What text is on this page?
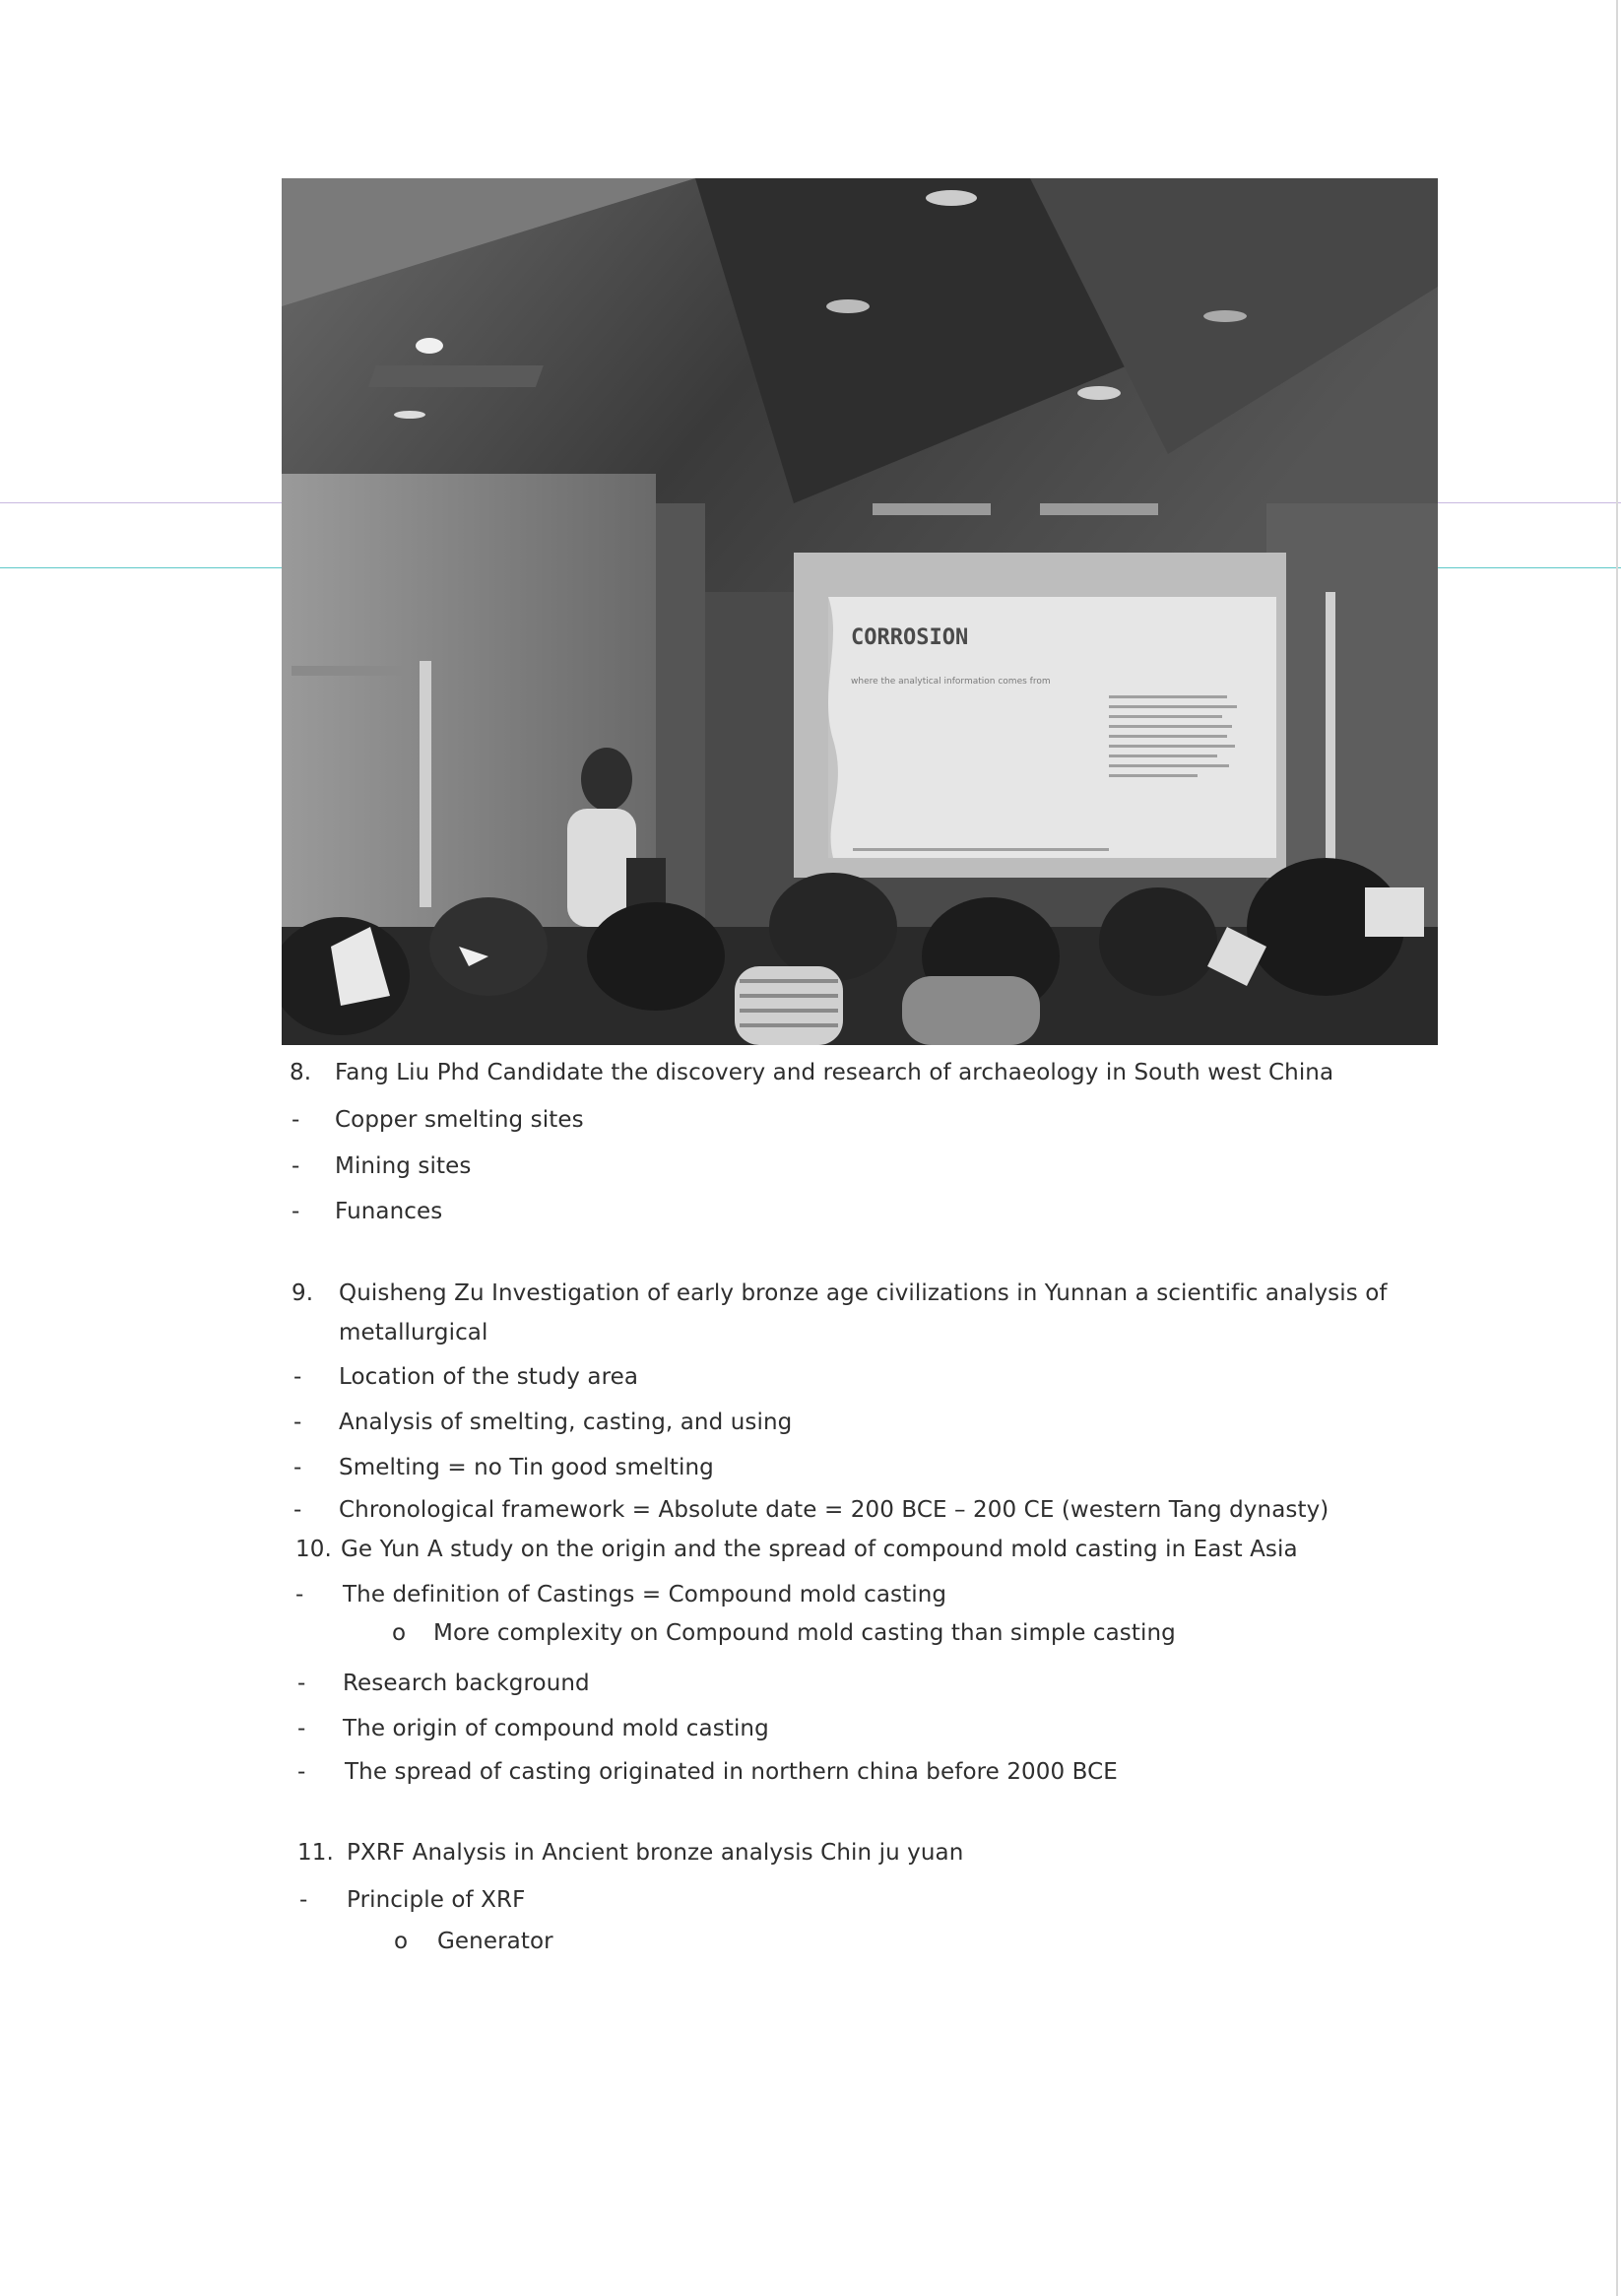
CORROSION
where the analytical information comes from
8. Fang Liu Phd Candidate the discovery and research of archaeology in South west China
- Copper smelting sites
- Mining sites
- Funances
9. Quisheng Zu Investigation of early bronze age civilizations in Yunnan a scientific analysis of
metallurgical
- Location of the study area
- Analysis of smelting, casting, and using
- Smelting = no Tin good smelting
- Chronological framework = Absolute date = 200 BCE – 200 CE (western Tang dynasty)
10. Ge Yun A study on the origin and the spread of compound mold casting in East Asia
- The definition of Castings = Compound mold casting
o More complexity on Compound mold casting than simple casting
- Research background
- The origin of compound mold casting
- The spread of casting originated in northern china before 2000 BCE
11. PXRF Analysis in Ancient bronze analysis Chin ju yuan
- Principle of XRF
o Generator
